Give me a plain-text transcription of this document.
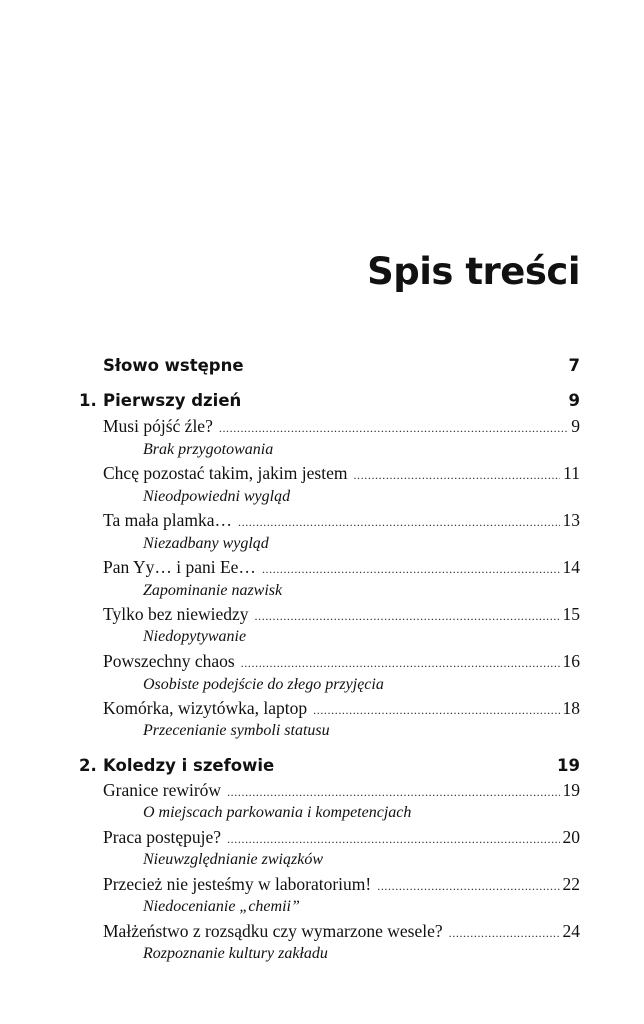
Spis treści
Słowo wstępne	7
1. Pierwszy dzień	9
Musi pójść źle? .....	9
Brak przygotowania
Chcę pozostać takim, jakim jestem .....	11
Nieodpowiedni wygląd
Ta mała plamka… .....	13
Niezadbany wygląd
Pan Yy… i pani Ee… .....	14
Zapominanie nazwisk
Tylko bez niewiedzy .....	15
Niedopytywanie
Powszechny chaos .....	16
Osobiste podejście do złego przyjęcia
Komórka, wizytówka, laptop .....	18
Przecenianie symboli statusu
2. Koledzy i szefowie	19
Granice rewirów .....	19
O miejscach parkowania i kompetencjach
Praca postępuje? .....	20
Nieuwzględnianie związków
Przecież nie jesteśmy w laboratorium! .....	22
Niedocenianie „chemii”
Małżeństwo z rozsądku czy wymarzone wesele? .....	24
Rozpoznanie kultury zakładu
